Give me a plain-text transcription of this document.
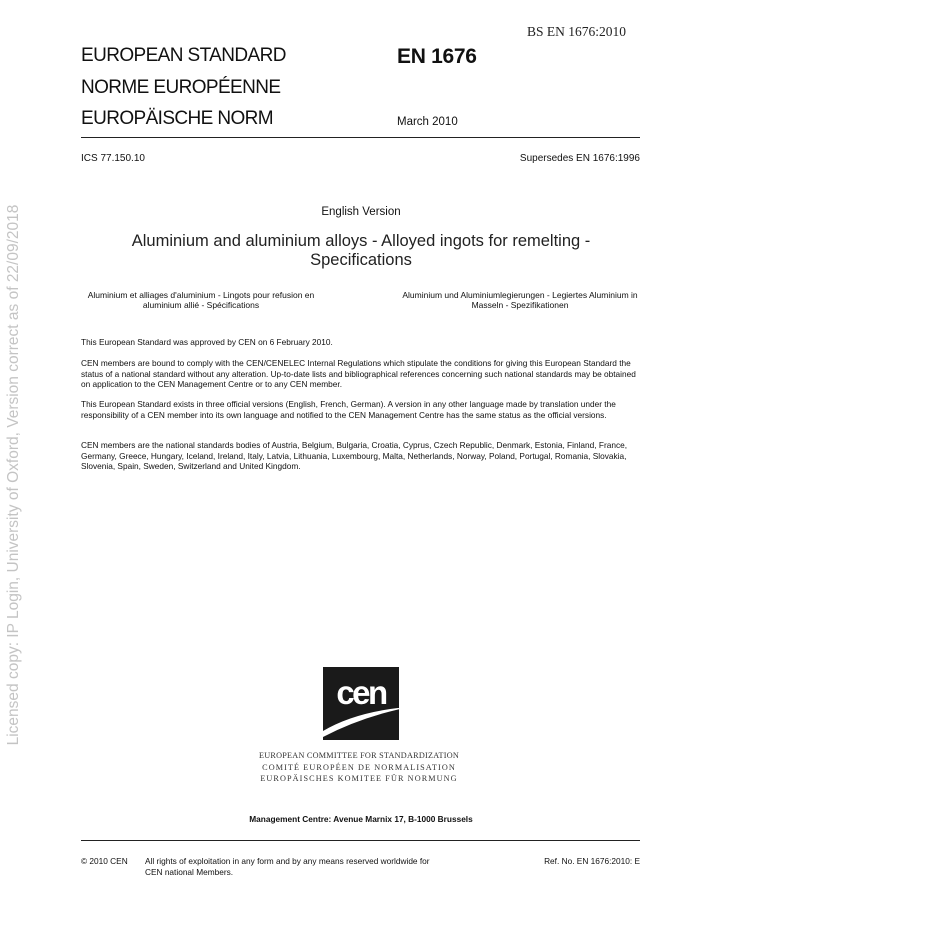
Licensed copy: IP Login, University of Oxford, Version correct as of 22/09/2018
BS EN 1676:2010
EUROPEAN STANDARD
NORME EUROPÉENNE
EUROPÄISCHE NORM
EN 1676
March 2010
ICS 77.150.10	Supersedes EN 1676:1996
English Version
Aluminium and aluminium alloys - Alloyed ingots for remelting - Specifications
Aluminium et alliages d'aluminium - Lingots pour refusion en aluminium allié - Spécifications
Aluminium und Aluminiumlegierungen - Legiertes Aluminium in Masseln - Spezifikationen
This European Standard was approved by CEN on 6 February 2010.
CEN members are bound to comply with the CEN/CENELEC Internal Regulations which stipulate the conditions for giving this European Standard the status of a national standard without any alteration. Up-to-date lists and bibliographical references concerning such national standards may be obtained on application to the CEN Management Centre or to any CEN member.
This European Standard exists in three official versions (English, French, German). A version in any other language made by translation under the responsibility of a CEN member into its own language and notified to the CEN Management Centre has the same status as the official versions.
CEN members are the national standards bodies of Austria, Belgium, Bulgaria, Croatia, Cyprus, Czech Republic, Denmark, Estonia, Finland, France, Germany, Greece, Hungary, Iceland, Ireland, Italy, Latvia, Lithuania, Luxembourg, Malta, Netherlands, Norway, Poland, Portugal, Romania, Slovakia, Slovenia, Spain, Sweden, Switzerland and United Kingdom.
cen
EUROPEAN COMMITTEE FOR STANDARDIZATION
COMITÉ EUROPÉEN DE NORMALISATION
EUROPÄISCHES KOMITEE FÜR NORMUNG
Management Centre: Avenue Marnix 17, B-1000 Brussels
© 2010 CEN All rights of exploitation in any form and by any means reserved worldwide for CEN national Members.
Ref. No. EN 1676:2010: E
